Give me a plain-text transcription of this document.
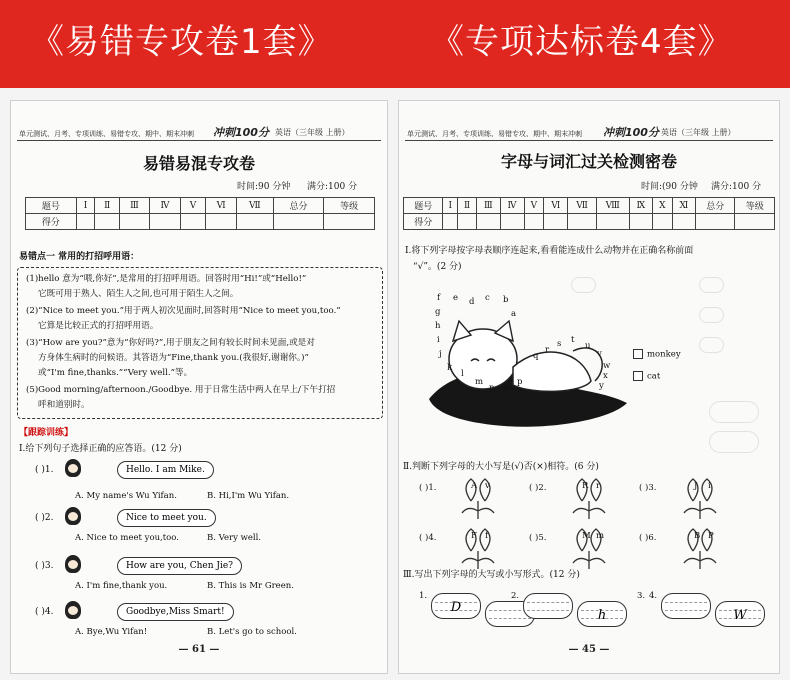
《易错专攻卷1套》	《专项达标卷4套》
单元测试、月考、专项训练、易错专攻、期中、期末冲刺 冲刺100分 英语（三年级 上册）
易错易混专攻卷
时间:90 分钟 满分:100 分
题号	Ⅰ	Ⅱ	Ⅲ	Ⅳ	Ⅴ	Ⅵ	Ⅶ	总分	等级
得分									
易错点一 常用的打招呼用语：
(1)hello 意为“喂,你好”,是常用的打招呼用语。回答时用“Hi!”或“Hello!”
它既可用于熟人、陌生人之间,也可用于陌生人之间。
(2)“Nice to meet you.”用于两人初次见面时,回答时用“Nice to meet you,too.”
它算是比较正式的打招呼用语。
(3)“How are you?”意为“你好吗?”,用于朋友之间有较长时间未见面,或是对
方身体生病时的问候语。其答语为“Fine,thank you.(我很好,谢谢你。)”
或“I'm fine,thanks.”“Very well.”等。
(5)Good morning/afternoon./Goodbye. 用于日常生活中两人在早上/下午打招
呼和道别时。
【跟踪训练】
Ⅰ.给下列句子选择正确的应答语。(12 分)
( )1.	Hello. I am Mike.
A. My name's Wu Yifan.	B. Hi,I'm Wu Yifan.
( )2.	Nice to meet you.
A. Nice to meet you,too.	B. Very well.
( )3.	How are you, Chen Jie?
A. I'm fine,thank you.	B. This is Mr Green.
( )4.	Goodbye,Miss Smart!
A. Bye,Wu Yifan!	B. Let's go to school.
— 61 —

单元测试、月考、专项训练、易错专攻、期中、期末冲刺 冲刺100分 英语（三年级 上册）
字母与词汇过关检测密卷
时间:(90 分钟 满分:100 分
题号	Ⅰ	Ⅱ	Ⅲ	Ⅳ	Ⅴ	Ⅵ	Ⅶ	Ⅷ	Ⅸ	Ⅹ	Ⅺ	总分	等级
得分													
Ⅰ.将下列字母按字母表顺序连起来,看看能连成什么动物并在正确名称前面
“√”。(2 分)
f e d c b
a
g
h
i
j
k
l
m
n o
p
q
r
s t
u
v
w
x
y
z
monkey
cat
Ⅱ.判断下列字母的大小写是(√)否(×)相符。(6 分)
( )1.	A v	( )2.	R r	( )3.	J i
( )4.	F f	( )5.	M m	( )6.	B P
Ⅲ.写出下列字母的大写或小写形式。(12 分)
1.
D
2.
h
3. 4.
W
— 45 —
